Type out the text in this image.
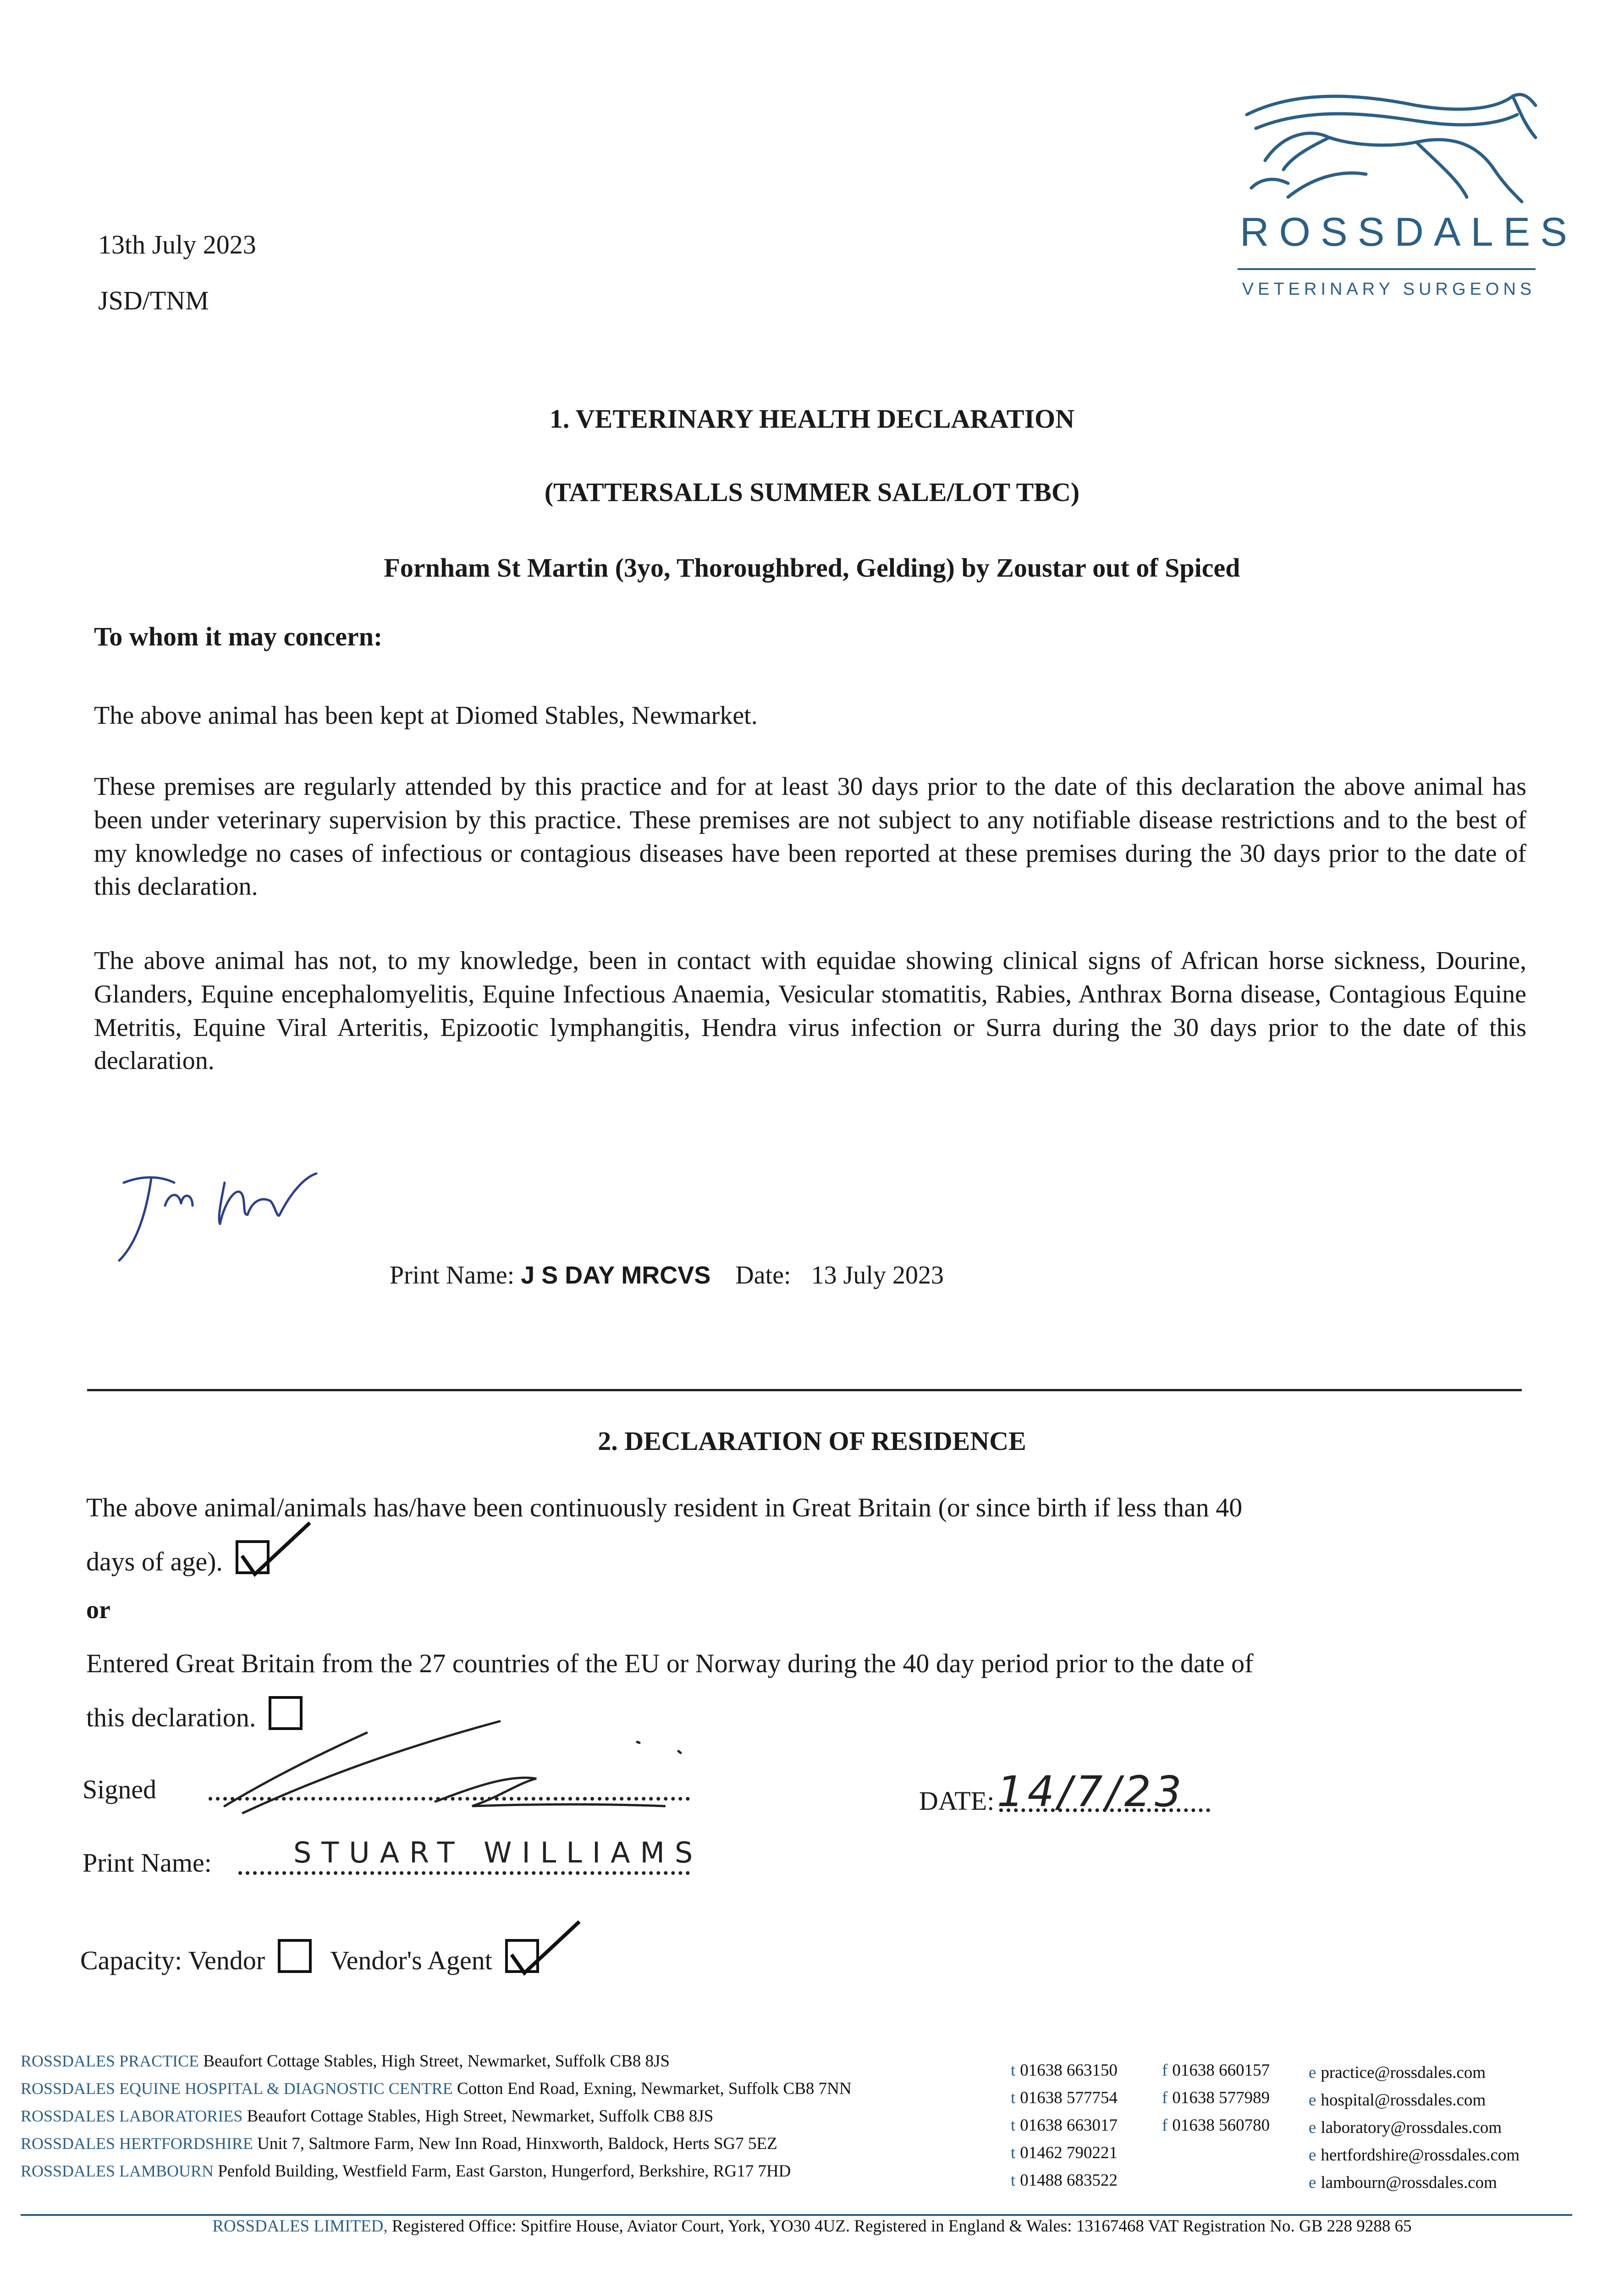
13th July 2023
JSD/TNM
ROSSDALES
VETERINARY SURGEONS
1. VETERINARY HEALTH DECLARATION
(TATTERSALLS SUMMER SALE/LOT TBC)
Fornham St Martin (3yo, Thoroughbred, Gelding) by Zoustar out of Spiced
To whom it may concern:
The above animal has been kept at Diomed Stables, Newmarket.
These premises are regularly attended by this practice and for at least 30 days prior to the date of this declaration the above animal has been under veterinary supervision by this practice. These premises are not subject to any notifiable disease restrictions and to the best of my knowledge no cases of infectious or contagious diseases have been reported at these premises during the 30 days prior to the date of this declaration.
The above animal has not, to my knowledge, been in contact with equidae showing clinical signs of African horse sickness, Dourine, Glanders, Equine encephalomyelitis, Equine Infectious Anaemia, Vesicular stomatitis, Rabies, Anthrax Borna disease, Contagious Equine Metritis, Equine Viral Arteritis, Epizootic lymphangitis, Hendra virus infection or Surra during the 30 days prior to the date of this declaration.
Print Name: J S DAY MRCVS Date: 13 July 2023
2. DECLARATION OF RESIDENCE
The above animal/animals has/have been continuously resident in Great Britain (or since birth if less than 40
days of age).
or
Entered Great Britain from the 27 countries of the EU or Norway during the 40 day period prior to the date of
this declaration.
Signed	DATE: 14/7/23
Print Name:	STUART WILLIAMS
Capacity: Vendor Vendor's Agent
ROSSDALES PRACTICE Beaufort Cottage Stables, High Street, Newmarket, Suffolk CB8 8JS
ROSSDALES EQUINE HOSPITAL & DIAGNOSTIC CENTRE Cotton End Road, Exning, Newmarket, Suffolk CB8 7NN
ROSSDALES LABORATORIES Beaufort Cottage Stables, High Street, Newmarket, Suffolk CB8 8JS
ROSSDALES HERTFORDSHIRE Unit 7, Saltmore Farm, New Inn Road, Hinxworth, Baldock, Herts SG7 5EZ
ROSSDALES LAMBOURN Penfold Building, Westfield Farm, East Garston, Hungerford, Berkshire, RG17 7HD
t 01638 663150
t 01638 577754
t 01638 663017
t 01462 790221
t 01488 683522
f 01638 660157
f 01638 577989
f 01638 560780
e practice@rossdales.com
e hospital@rossdales.com
e laboratory@rossdales.com
e hertfordshire@rossdales.com
e lambourn@rossdales.com
ROSSDALES LIMITED, Registered Office: Spitfire House, Aviator Court, York, YO30 4UZ. Registered in England & Wales: 13167468 VAT Registration No. GB 228 9288 65
